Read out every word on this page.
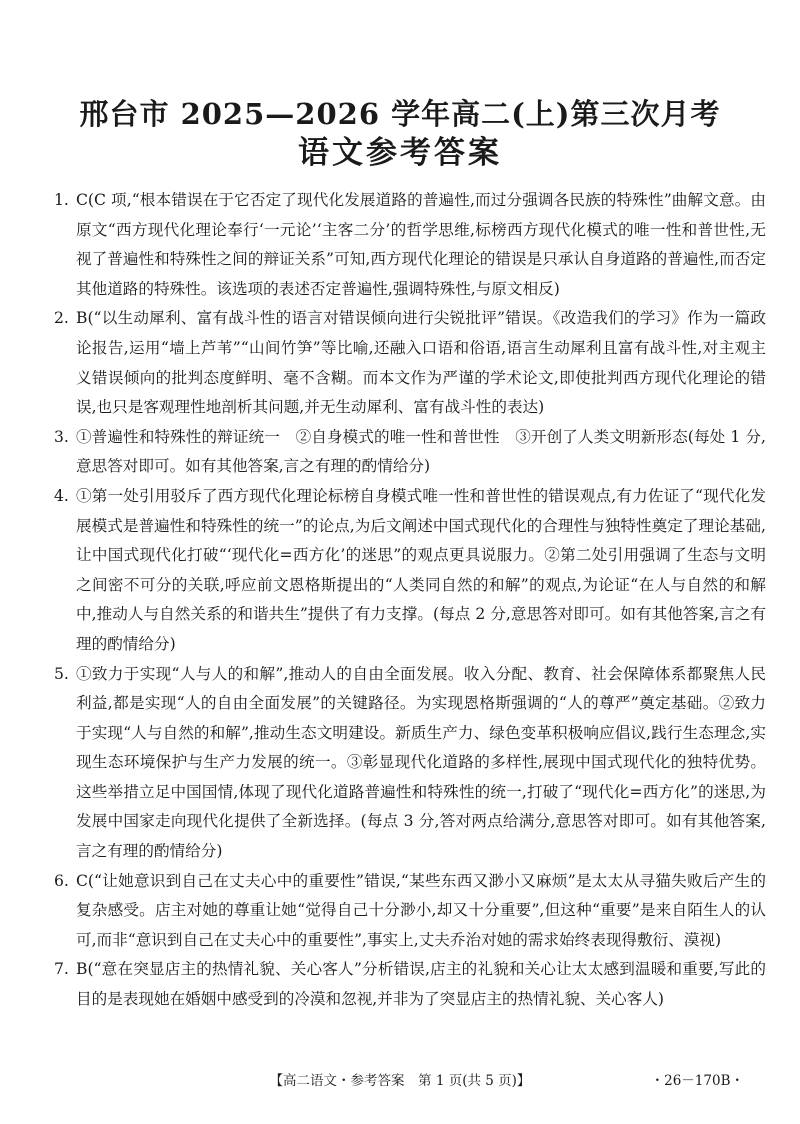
邢台市 2025—2026 学年高二(上)第三次月考
语文参考答案
1. C(C 项,“根本错误在于它否定了现代化发展道路的普遍性,而过分强调各民族的特殊性”曲解文意。由原文“西方现代化理论奉行‘一元论’‘主客二分’的哲学思维,标榜西方现代化模式的唯一性和普世性,无视了普遍性和特殊性之间的辩证关系”可知,西方现代化理论的错误是只承认自身道路的普遍性,而否定其他道路的特殊性。该选项的表述否定普遍性,强调特殊性,与原文相反)
2. B(“以生动犀利、富有战斗性的语言对错误倾向进行尖锐批评”错误。《改造我们的学习》作为一篇政论报告,运用“墙上芦苇”“山间竹笋”等比喻,还融入口语和俗语,语言生动犀利且富有战斗性,对主观主义错误倾向的批判态度鲜明、毫不含糊。而本文作为严谨的学术论文,即使批判西方现代化理论的错误,也只是客观理性地剖析其问题,并无生动犀利、富有战斗性的表达)
3. ①普遍性和特殊性的辩证统一　②自身模式的唯一性和普世性　③开创了人类文明新形态(每处 1 分,意思答对即可。如有其他答案,言之有理的酌情给分)
4. ①第一处引用驳斥了西方现代化理论标榜自身模式唯一性和普世性的错误观点,有力佐证了“现代化发展模式是普遍性和特殊性的统一”的论点,为后文阐述中国式现代化的合理性与独特性奠定了理论基础,让中国式现代化打破“‘现代化=西方化’的迷思”的观点更具说服力。②第二处引用强调了生态与文明之间密不可分的关联,呼应前文恩格斯提出的“人类同自然的和解”的观点,为论证“在人与自然的和解中,推动人与自然关系的和谐共生”提供了有力支撑。(每点 2 分,意思答对即可。如有其他答案,言之有理的酌情给分)
5. ①致力于实现“人与人的和解”,推动人的自由全面发展。收入分配、教育、社会保障体系都聚焦人民利益,都是实现“人的自由全面发展”的关键路径。为实现恩格斯强调的“人的尊严”奠定基础。②致力于实现“人与自然的和解”,推动生态文明建设。新质生产力、绿色变革积极响应倡议,践行生态理念,实现生态环境保护与生产力发展的统一。③彰显现代化道路的多样性,展现中国式现代化的独特优势。这些举措立足中国国情,体现了现代化道路普遍性和特殊性的统一,打破了“现代化=西方化”的迷思,为发展中国家走向现代化提供了全新选择。(每点 3 分,答对两点给满分,意思答对即可。如有其他答案,言之有理的酌情给分)
6. C(“让她意识到自己在丈夫心中的重要性”错误,“某些东西又渺小又麻烦”是太太从寻猫失败后产生的复杂感受。店主对她的尊重让她“觉得自己十分渺小,却又十分重要”,但这种“重要”是来自陌生人的认可,而非“意识到自己在丈夫心中的重要性”,事实上,丈夫乔治对她的需求始终表现得敷衍、漠视)
7. B(“意在突显店主的热情礼貌、关心客人”分析错误,店主的礼貌和关心让太太感到温暖和重要,写此的目的是表现她在婚姻中感受到的冷漠和忽视,并非为了突显店主的热情礼貌、关心客人)
【高二语文・参考答案　第 1 页(共 5 页)】	・26－170B・
